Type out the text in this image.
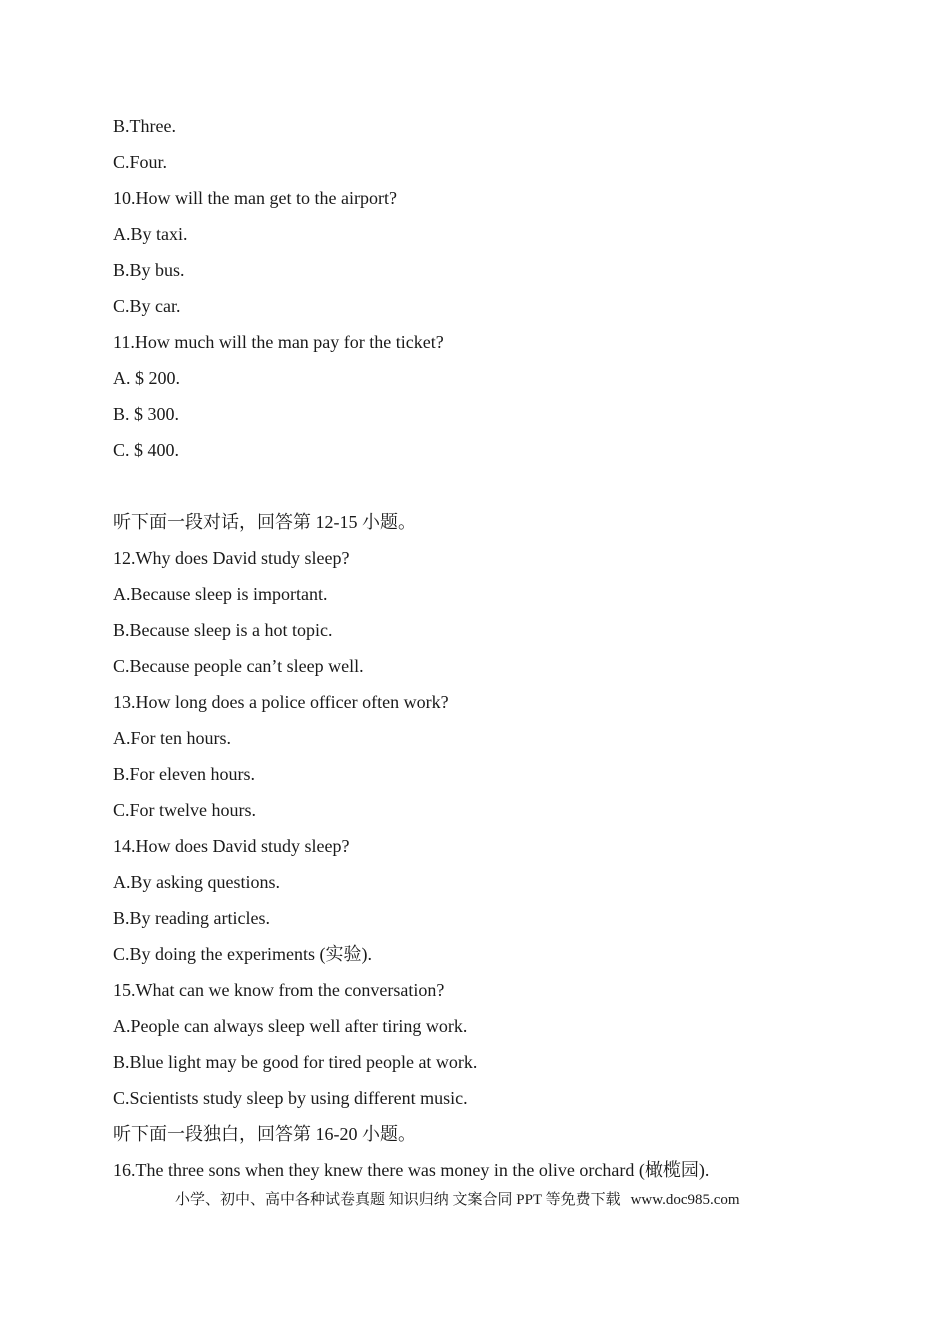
B.Three.
C.Four.
10.How will the man get to the airport?
A.By taxi.
B.By bus.
C.By car.
11.How much will the man pay for the ticket?
A. $ 200.
B. $ 300.
C. $ 400.
听下面一段对话，回答第 12-15 小题。
12.Why does David study sleep?
A.Because sleep is important.
B.Because sleep is a hot topic.
C.Because people can’t sleep well.
13.How long does a police officer often work?
A.For ten hours.
B.For eleven hours.
C.For twelve hours.
14.How does David study sleep?
A.By asking questions.
B.By reading articles.
C.By doing the experiments (实验).
15.What can we know from the conversation?
A.People can always sleep well after tiring work.
B.Blue light may be good for tired people at work.
C.Scientists study sleep by using different music.
听下面一段独白，回答第 16-20 小题。
16.The three sons when they knew there was money in the olive orchard (橄榄园).
小学、初中、高中各种试卷真题 知识归纳 文案合同 PPT 等免费下载 www.doc985.com
